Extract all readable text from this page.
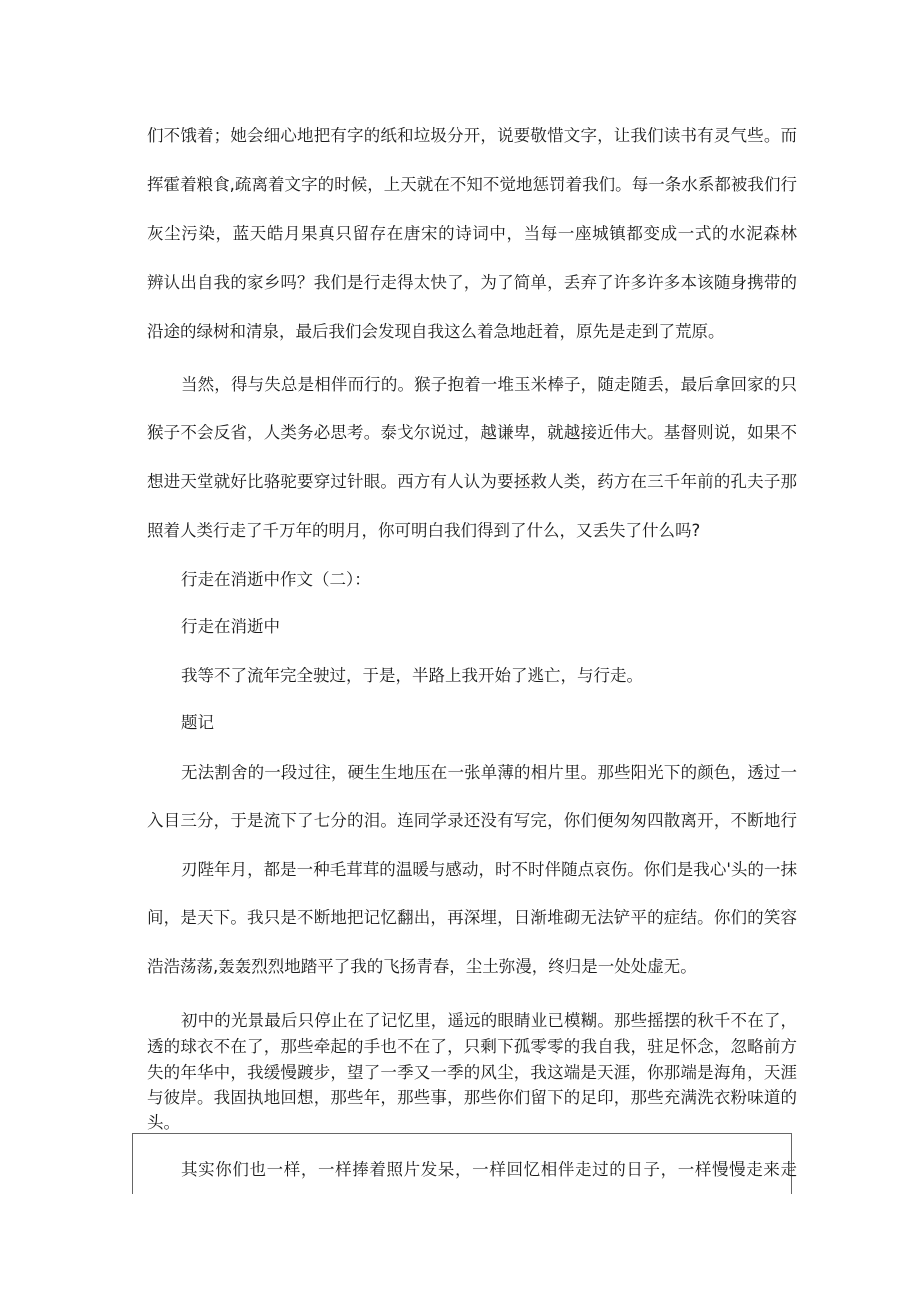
们不饿着；她会细心地把有字的纸和垃圾分开，说要敬惜文字，让我们读书有灵气些。而
挥霍着粮食,疏离着文字的时候，上天就在不知不觉地惩罚着我们。每一条水系都被我们行
灰尘污染，蓝天皓月果真只留存在唐宋的诗词中，当每一座城镇都变成一式的水泥森林
辨认出自我的家乡吗？我们是行走得太快了，为了简单，丢弃了许多许多本该随身携带的
沿途的绿树和清泉，最后我们会发现自我这么着急地赶着，原先是走到了荒原。
当然，得与失总是相伴而行的。猴子抱着一堆玉米棒子，随走随丢，最后拿回家的只
猴子不会反省，人类务必思考。泰戈尔说过，越谦卑，就越接近伟大。基督则说，如果不
想进天堂就好比骆驼要穿过针眼。西方有人认为要拯救人类，药方在三千年前的孔夫子那
照着人类行走了千万年的明月，你可明白我们得到了什么，又丢失了什么吗?
行走在消逝中作文（二）：
行走在消逝中
我等不了流年完全驶过，于是，半路上我开始了逃亡，与行走。
题记
无法割舍的一段过往，硬生生地压在一张单薄的相片里。那些阳光下的颜色，透过一
入目三分，于是流下了七分的泪。连同学录还没有写完，你们便匆匆四散离开，不断地行
刃陛年月，都是一种毛茸茸的温暖与感动，时不时伴随点哀伤。你们是我心'头的一抹
间，是天下。我只是不断地把记忆翻出，再深埋，日渐堆砌无法铲平的症结。你们的笑容
浩浩荡荡,轰轰烈烈地踏平了我的飞扬青春，尘土弥漫，终归是一处处虚无。
初中的光景最后只停止在了记忆里，遥远的眼睛业已模糊。那些摇摆的秋千不在了，
透的球衣不在了，那些牵起的手也不在了，只剩下孤零零的我自我，驻足怀念，忽略前方
失的年华中，我缓慢踱步，望了一季又一季的风尘，我这端是天涯，你那端是海角，天涯
与彼岸。我固执地回想，那些年，那些事，那些你们留下的足印，那些充满洗衣粉味道的
头。
其实你们也一样，一样捧着照片发呆，一样回忆相伴走过的日子，一样慢慢走来走
